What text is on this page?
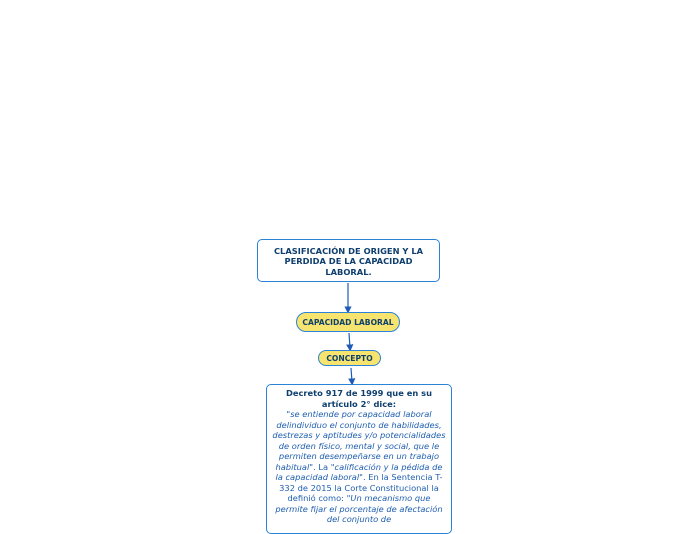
CLASIFICACIÓN DE ORIGEN Y LA PERDIDA DE LA CAPACIDAD LABORAL.
CAPACIDAD LABORAL
CONCEPTO
Decreto 917 de 1999 que en su artículo 2° dice:
"se entiende por capacidad laboral delindividuo el conjunto de habilidades, destrezas y aptitudes y/o potencialidades de orden físico, mental y social, que le permiten desempeñarse en un trabajo habitual". La "calificación y la pédida de la capacidad laboral". En la Sentencia T-332 de 2015 la Corte Constitucional la definió como: "Un mecanismo que permite fijar el porcentaje de afectación del conjunto de
